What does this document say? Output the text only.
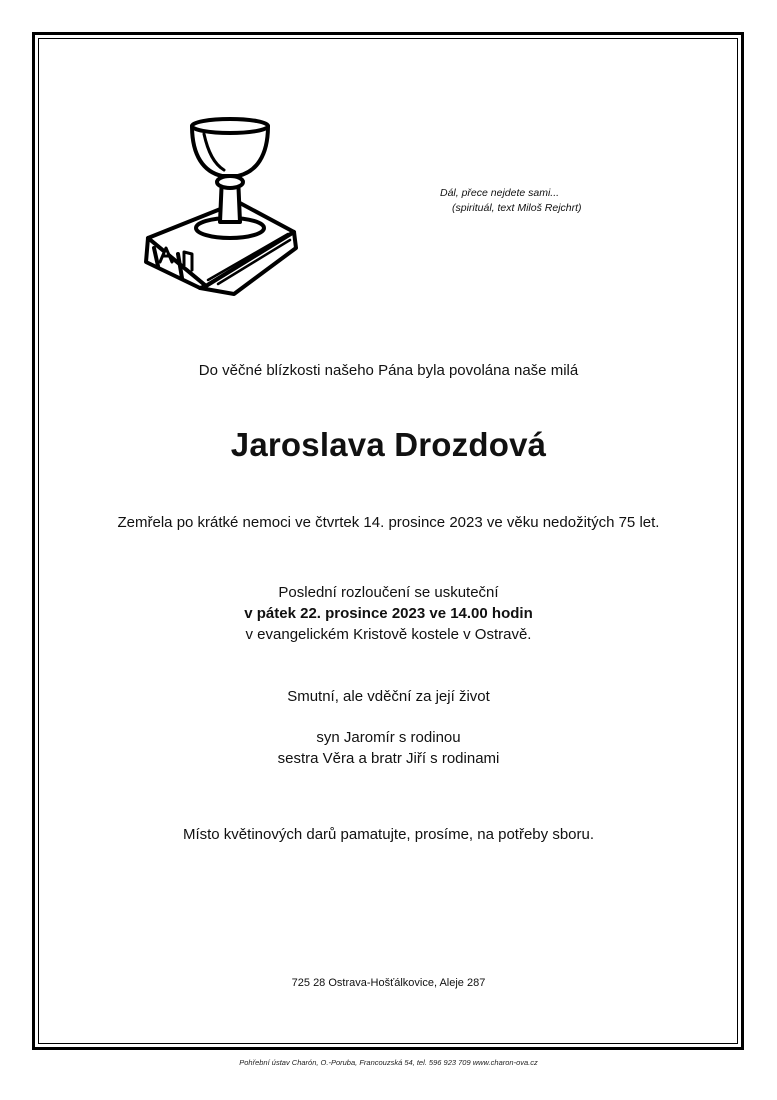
Dál, přece nejdete sami...
(spirituál, text Miloš Rejchrt)
Do věčné blízkosti našeho Pána byla povolána naše milá
Jaroslava Drozdová
Zemřela po krátké nemoci ve čtvrtek 14. prosince 2023 ve věku nedožitých 75 let.
Poslední rozloučení se uskuteční
v pátek 22. prosince 2023 ve 14.00 hodin
v evangelickém Kristově kostele v Ostravě.
Smutní, ale vděční za její život
syn Jaromír s rodinou
sestra Věra a bratr Jiří s rodinami
Místo květinových darů pamatujte, prosíme, na potřeby sboru.
725 28 Ostrava-Hošťálkovice, Aleje 287
Pohřební ústav Charón, O.-Poruba, Francouzská 54, tel. 596 923 709 www.charon-ova.cz
